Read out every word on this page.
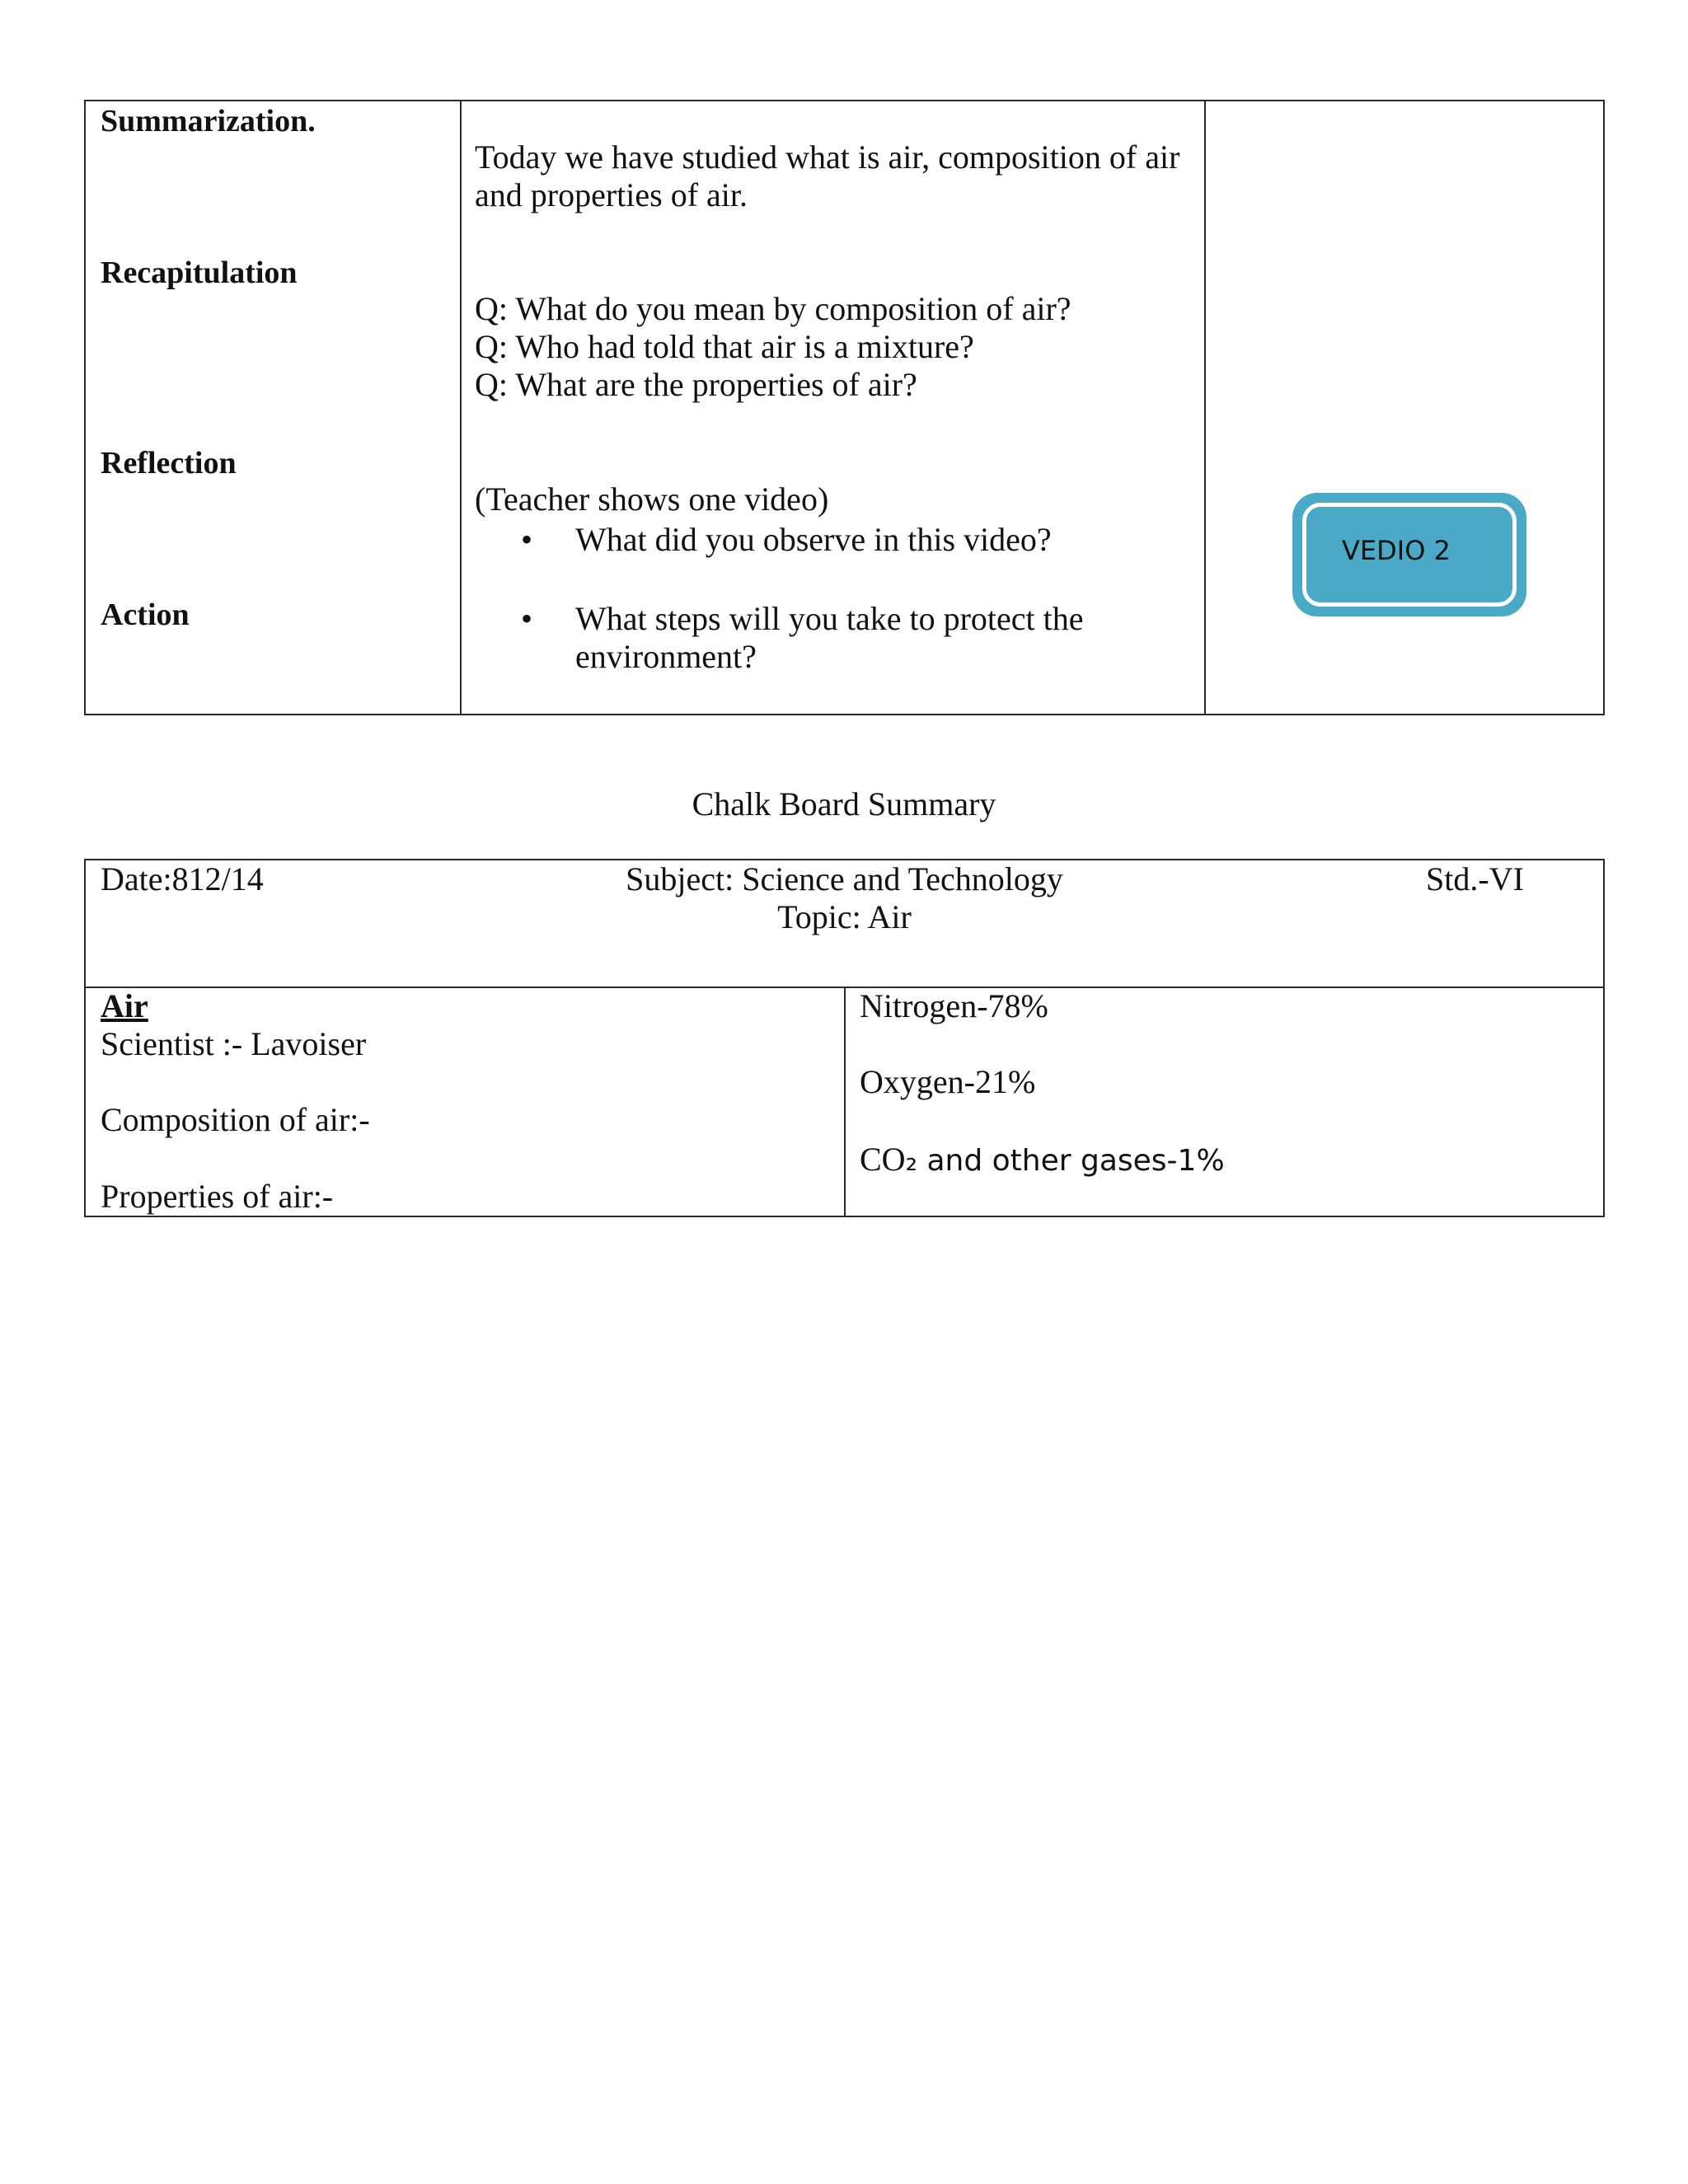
Summarization.
Recapitulation
Reflection
Action
Today we have studied what is air, composition of air
and properties of air.
Q: What do you mean by composition of air?
Q: Who had told that air is a mixture?
Q: What are the properties of air?
(Teacher shows one video)
• What did you observe in this video?
• What steps will you take to protect the
environment?
VEDIO 2
Chalk Board Summary
Date:812/14	Subject: Science and Technology	Std.-VI
Topic: Air
Air
Scientist :- Lavoiser
Composition of air:-
Properties of air:-
Nitrogen-78%
Oxygen-21%
CO₂ and other gases-1%
